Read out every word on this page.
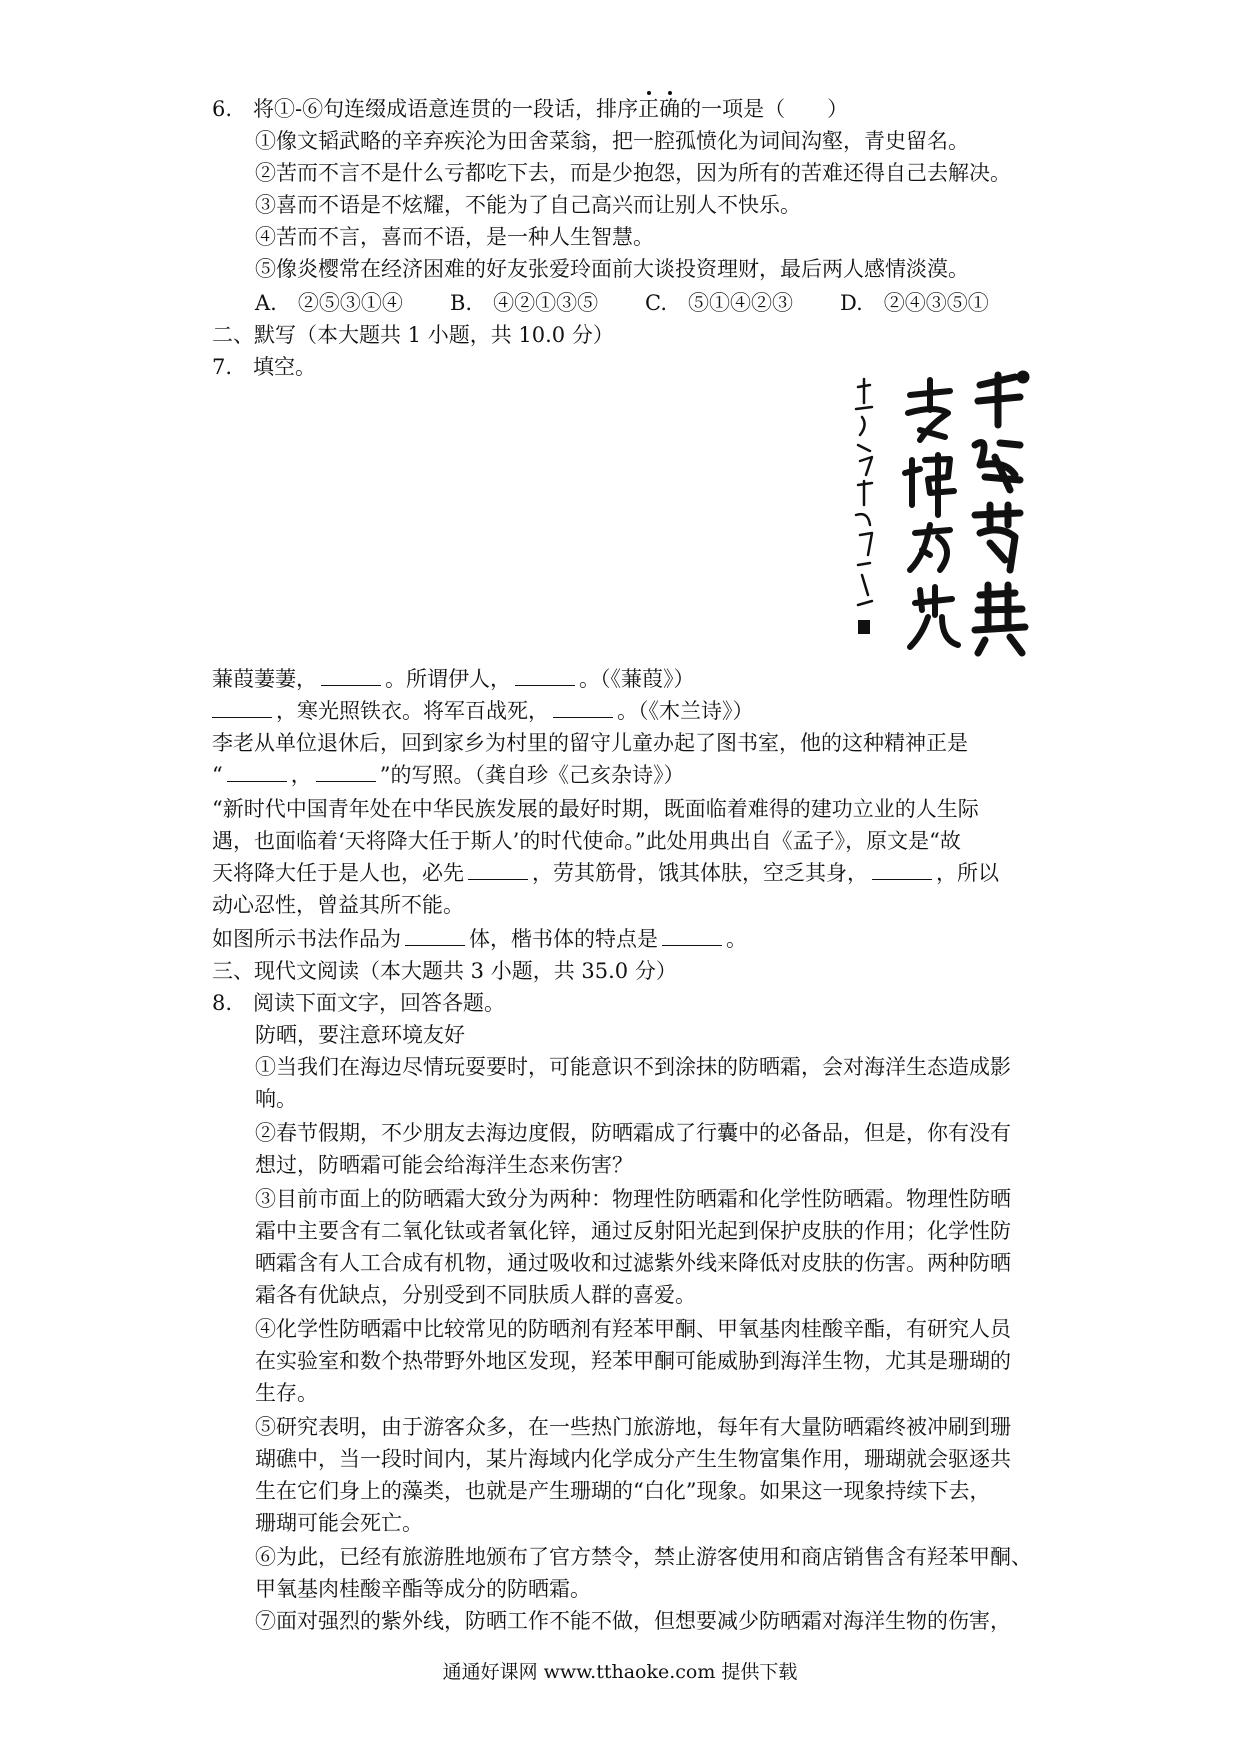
6.　将①-⑥句连缀成语意连贯的一段话，排序
正确的一项是（　　）
①像文韬武略的辛弃疾沦为田舍菜翁，把一腔孤愤化为词间沟壑，青史留名。
②苦而不言不是什么亏都吃下去，而是少抱怨，因为所有的苦难还得自己去解决。
③喜而不语是不炫耀，不能为了自己高兴而让别人不快乐。
④苦而不言，喜而不语，是一种人生智慧。
⑤像炎樱常在经济困难的好友张爱玲面前大谈投资理财，最后两人感情淡漠。
A.　②⑤③①④ B.　④②①③⑤ C.　⑤①④②③ D.　②④③⑤①
二、默写（本大题共 1 小题，共 10.0 分）
7.　填空。
蒹葭萋萋，	。所谓伊人，	。（《蒹葭》）
，寒光照铁衣。将军百战死，	。（《木兰诗》）
李老从单位退休后，回到家乡为村里的留守儿童办起了图书室，他的这种精神正是
“	，	”的写照。（龚自珍《己亥杂诗》）
“新时代中国青年处在中华民族发展的最好时期，既面临着难得的建功立业的人生际
遇，也面临着‘天将降大任于斯人’的时代使命。”此处用典出自《孟子》，原文是“故
天将降大任于是人也，必先	，劳其筋骨，饿其体肤，空乏其身，	，所以
动心忍性，曾益其所不能。
如图所示书法作品为	体，楷书体的特点是	。
三、现代文阅读（本大题共 3 小题，共 35.0 分）
8.　阅读下面文字，回答各题。
防晒，要注意环境友好
①当我们在海边尽情玩耍要时，可能意识不到涂抹的防晒霜，会对海洋生态造成影
响。
②春节假期，不少朋友去海边度假，防晒霜成了行囊中的必备品，但是，你有没有
想过，防晒霜可能会给海洋生态来伤害？
③目前市面上的防晒霜大致分为两种：物理性防晒霜和化学性防晒霜。物理性防晒
霜中主要含有二氧化钛或者氧化锌，通过反射阳光起到保护皮肤的作用；化学性防
晒霜含有人工合成有机物，通过吸收和过滤紫外线来降低对皮肤的伤害。两种防晒
霜各有优缺点，分别受到不同肤质人群的喜爱。
④化学性防晒霜中比较常见的防晒剂有羟苯甲酮、甲氧基肉桂酸辛酯，有研究人员
在实验室和数个热带野外地区发现，羟苯甲酮可能威胁到海洋生物，尤其是珊瑚的
生存。
⑤研究表明，由于游客众多，在一些热门旅游地，每年有大量防晒霜终被冲刷到珊
瑚礁中，当一段时间内，某片海域内化学成分产生生物富集作用，珊瑚就会驱逐共
生在它们身上的藻类，也就是产生珊瑚的“白化”现象。如果这一现象持续下去，
珊瑚可能会死亡。
⑥为此，已经有旅游胜地颁布了官方禁令，禁止游客使用和商店销售含有羟苯甲酮、
甲氧基肉桂酸辛酯等成分的防晒霜。
⑦面对强烈的紫外线，防晒工作不能不做，但想要减少防晒霜对海洋生物的伤害，
通通好课网 www.tthaoke.com 提供下载
